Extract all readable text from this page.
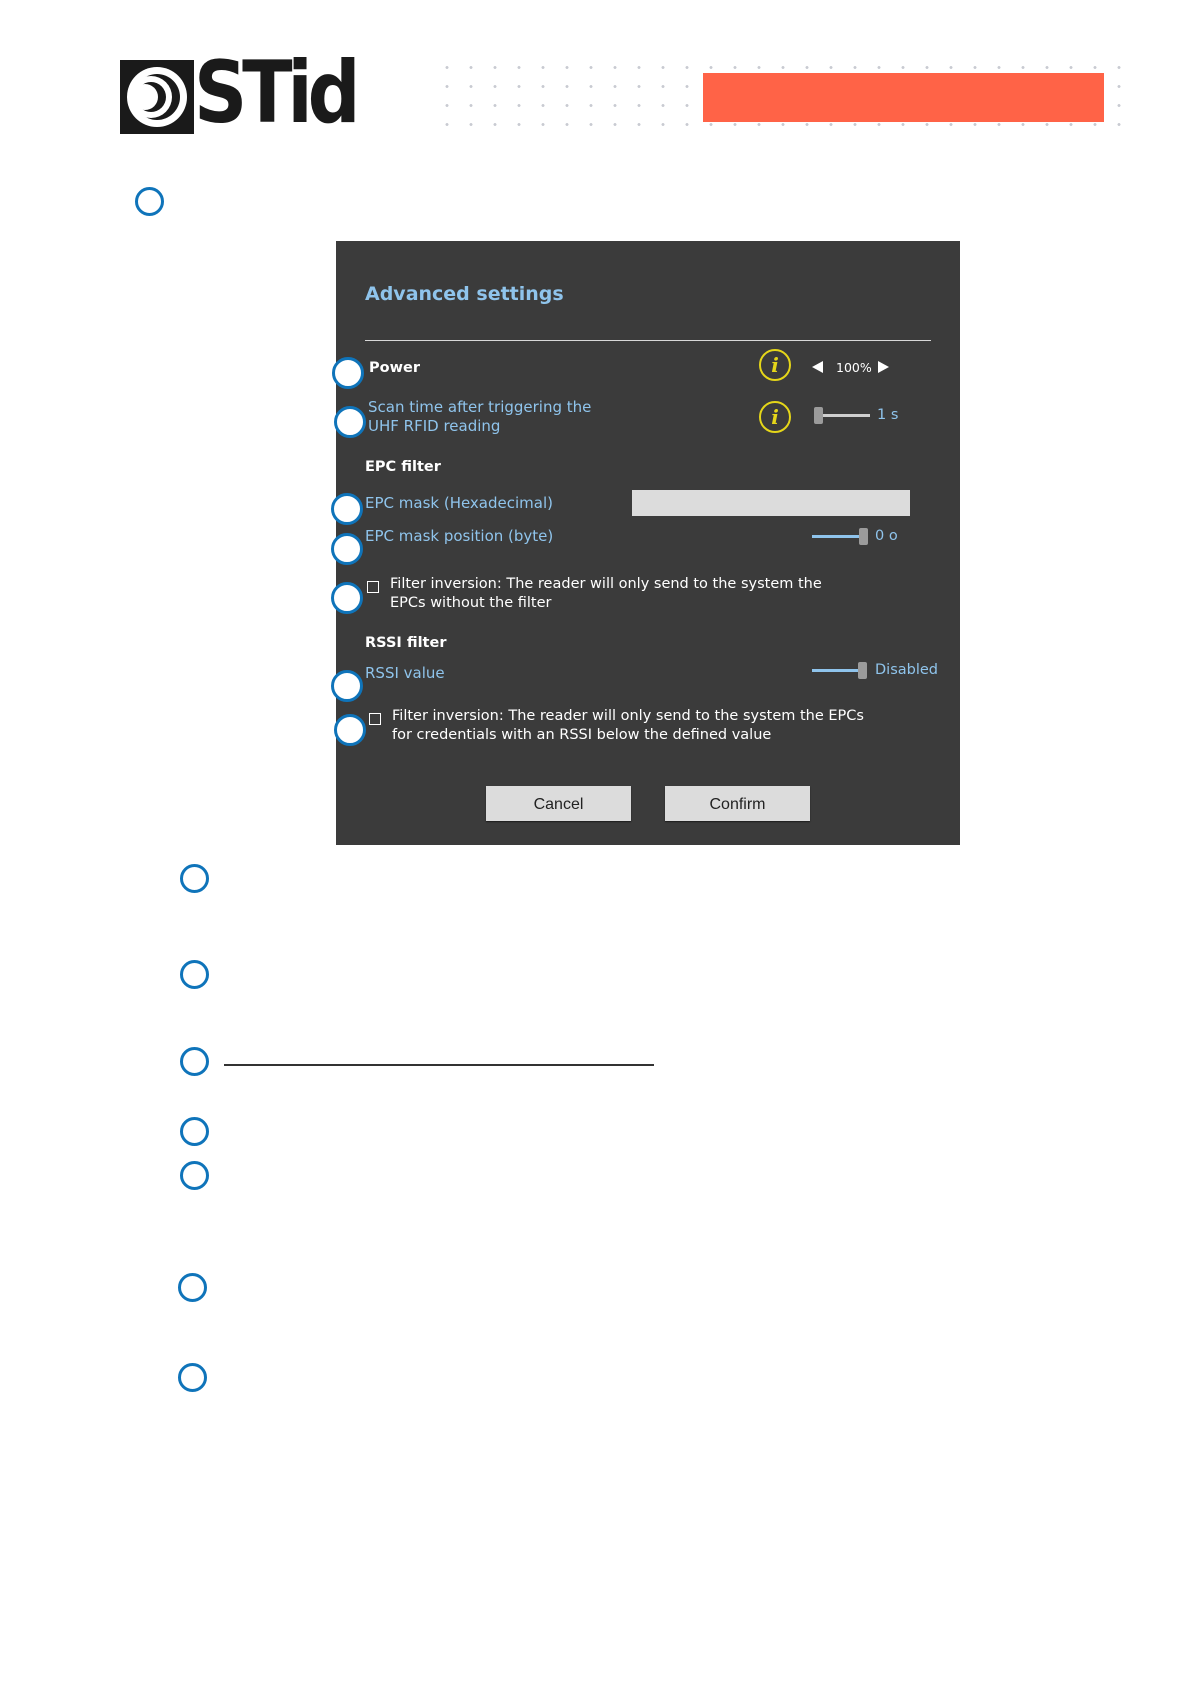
STid
Advanced settings
Power	i	100%
Scan time after triggering the
UHF RFID reading	i	1 s
EPC filter
EPC mask (Hexadecimal)
EPC mask position (byte)	0 o
Filter inversion: The reader will only send to the system the
EPCs without the filter
RSSI filter
RSSI value	Disabled
Filter inversion: The reader will only send to the system the EPCs
for credentials with an RSSI below the defined value
Cancel	Confirm
